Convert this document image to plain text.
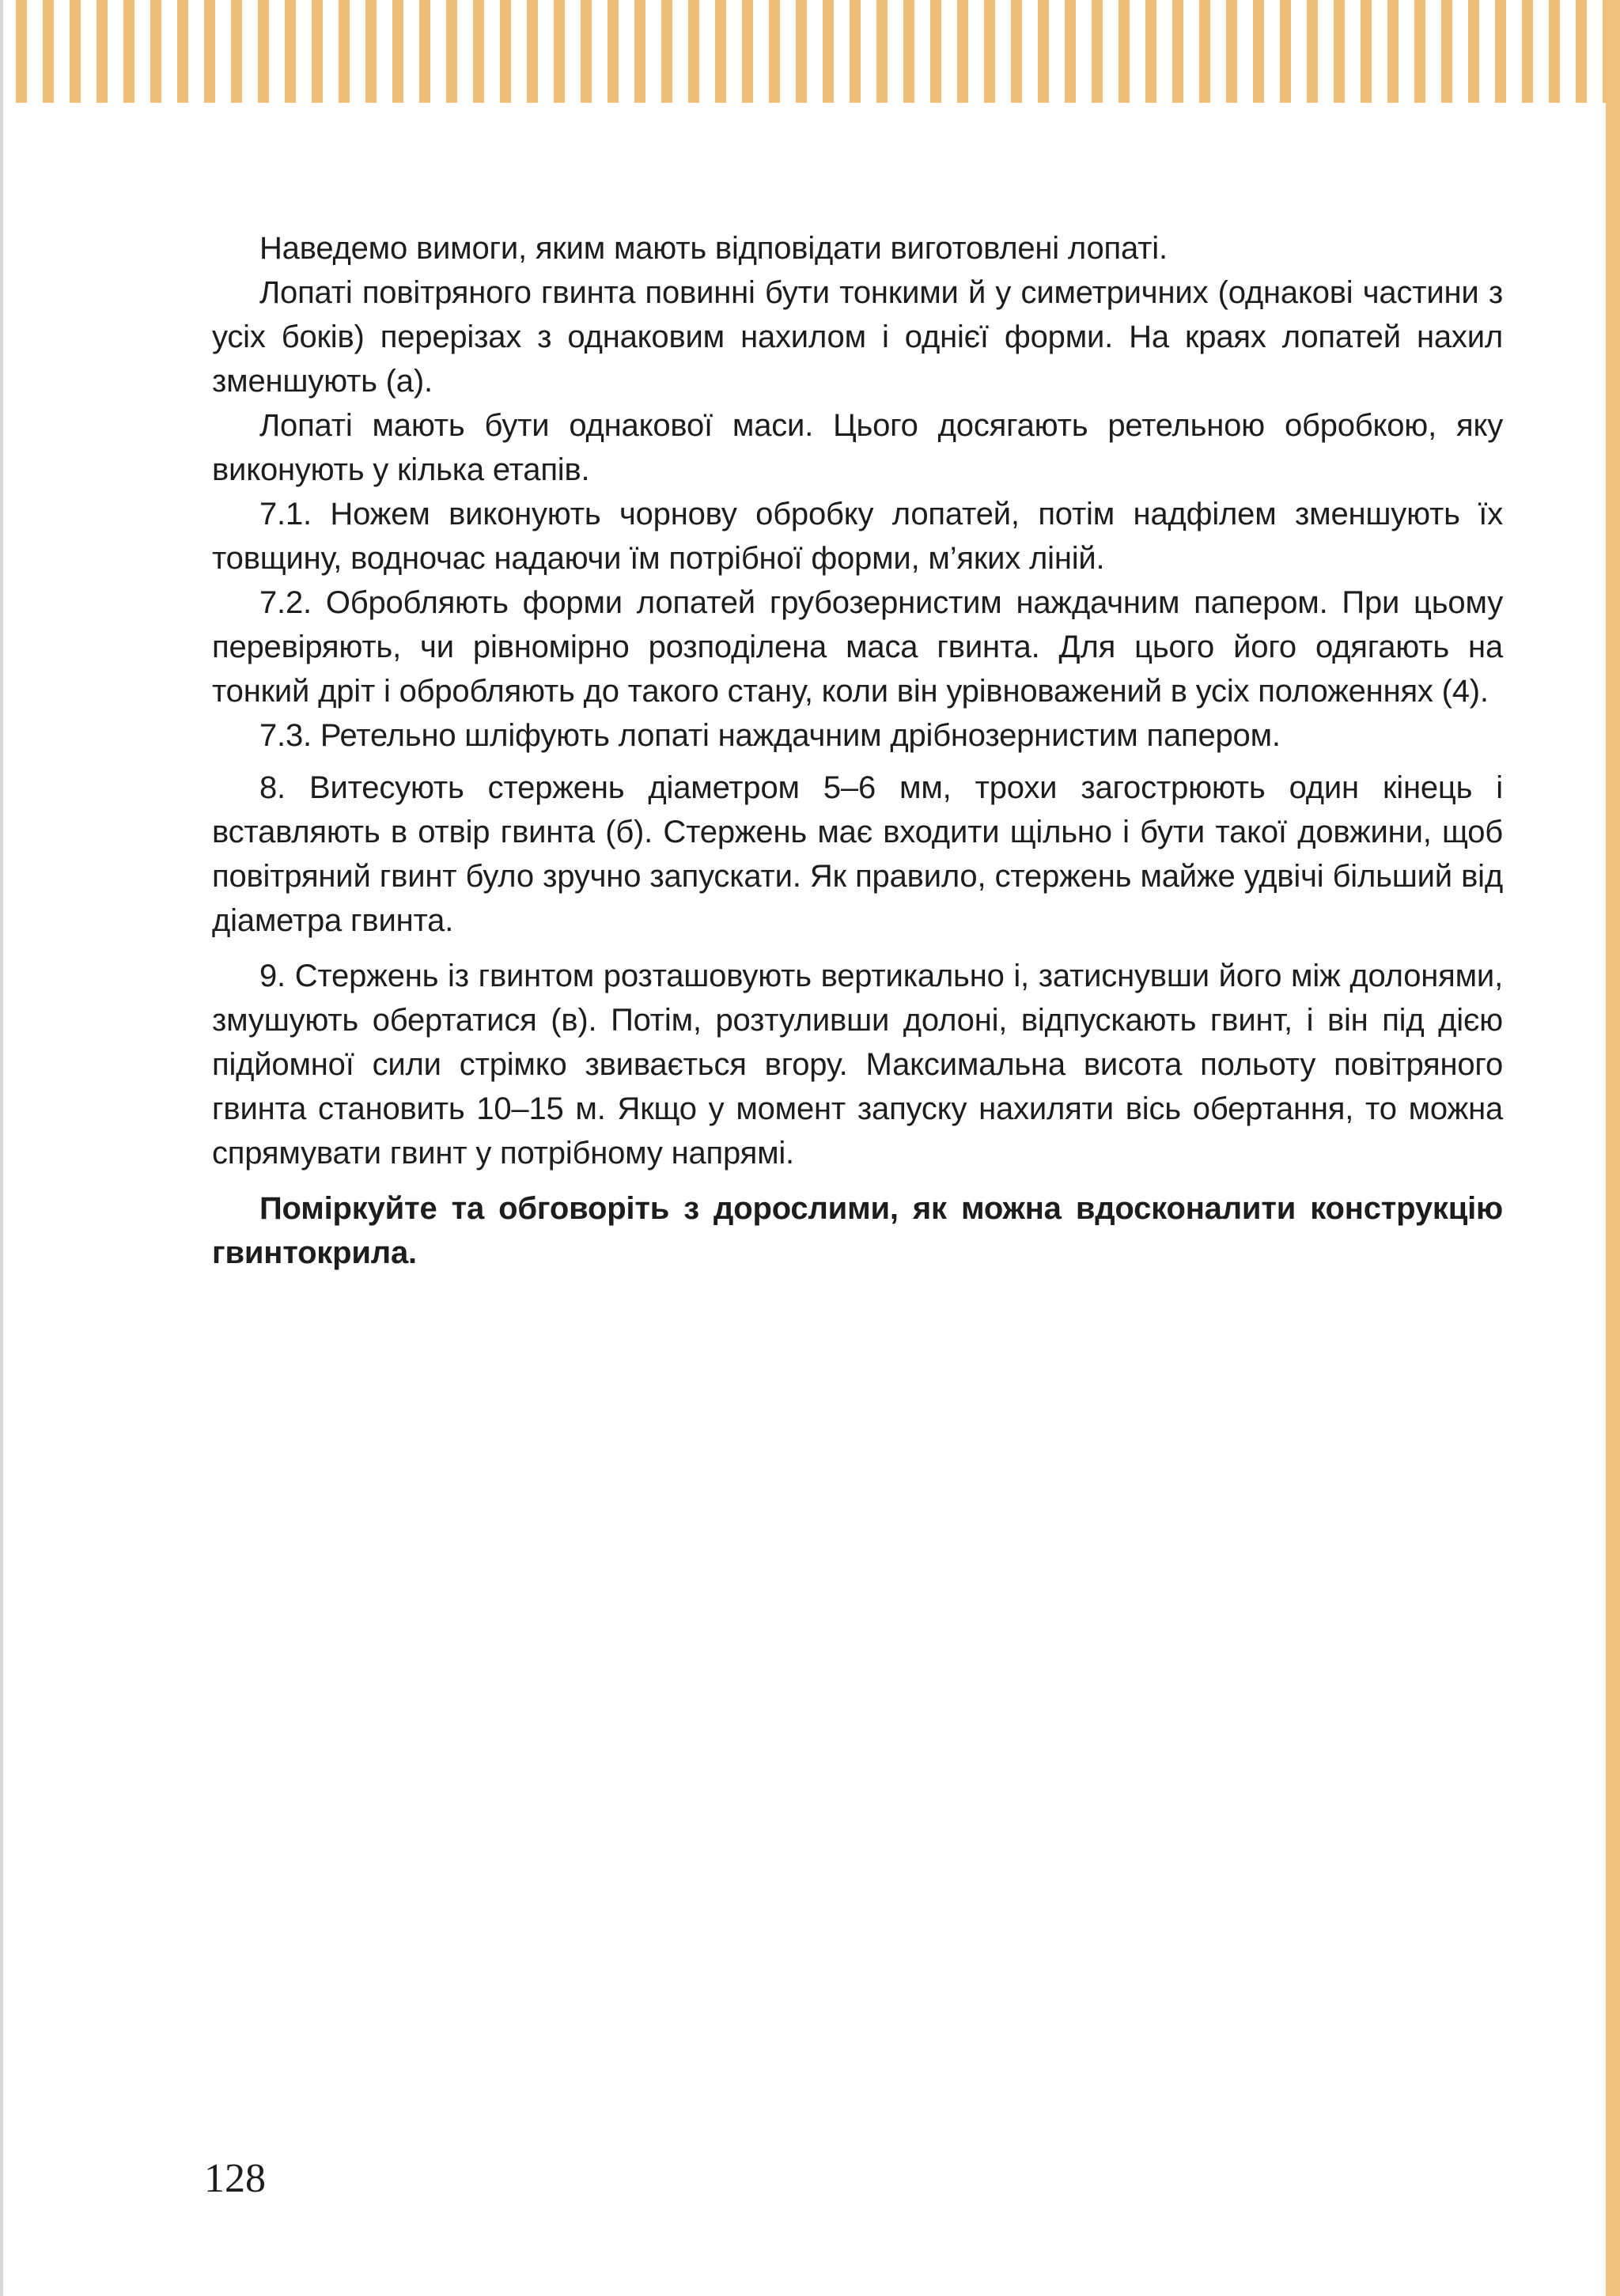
Наведемо вимоги, яким мають відповідати виготовлені лопаті.

Лопаті повітряного гвинта повинні бути тонкими й у симетричних (однакові частини з усіх боків) перерізах з однаковим нахилом і однієї форми. На краях лопатей нахил зменшують (а).

Лопаті мають бути однакової маси. Цього досягають ретельною обробкою, яку виконують у кілька етапів.

7.1. Ножем виконують чорнову обробку лопатей, потім надфілем зменшують їх товщину, водночас надаючи їм потрібної форми, м’яких ліній.

7.2. Обробляють форми лопатей грубозернистим наждачним папером. При цьому перевіряють, чи рівномірно розподілена маса гвинта. Для цього його одягають на тонкий дріт і обробляють до такого стану, коли він урівноважений в усіх положеннях (4).

7.3. Ретельно шліфують лопаті наждачним дрібнозернистим папером.

8. Витесують стержень діаметром 5–6 мм, трохи загострюють один кінець і вставляють в отвір гвинта (б). Стержень має входити щільно і бути такої довжини, щоб повітряний гвинт було зручно запускати. Як правило, стержень майже удвічі більший від діаметра гвинта.

9. Стержень із гвинтом розташовують вертикально і, затиснувши його між долонями, змушують обертатися (в). Потім, розтуливши долоні, відпускають гвинт, і він під дією підйомної сили стрімко звивається вгору. Максимальна висота польоту повітряного гвинта становить 10–15 м. Якщо у момент запуску нахиляти вісь обертання, то можна спрямувати гвинт у потрібному напрямі.

Поміркуйте та обговоріть з дорослими, як можна вдосконалити конструкцію гвинтокрила.

128
